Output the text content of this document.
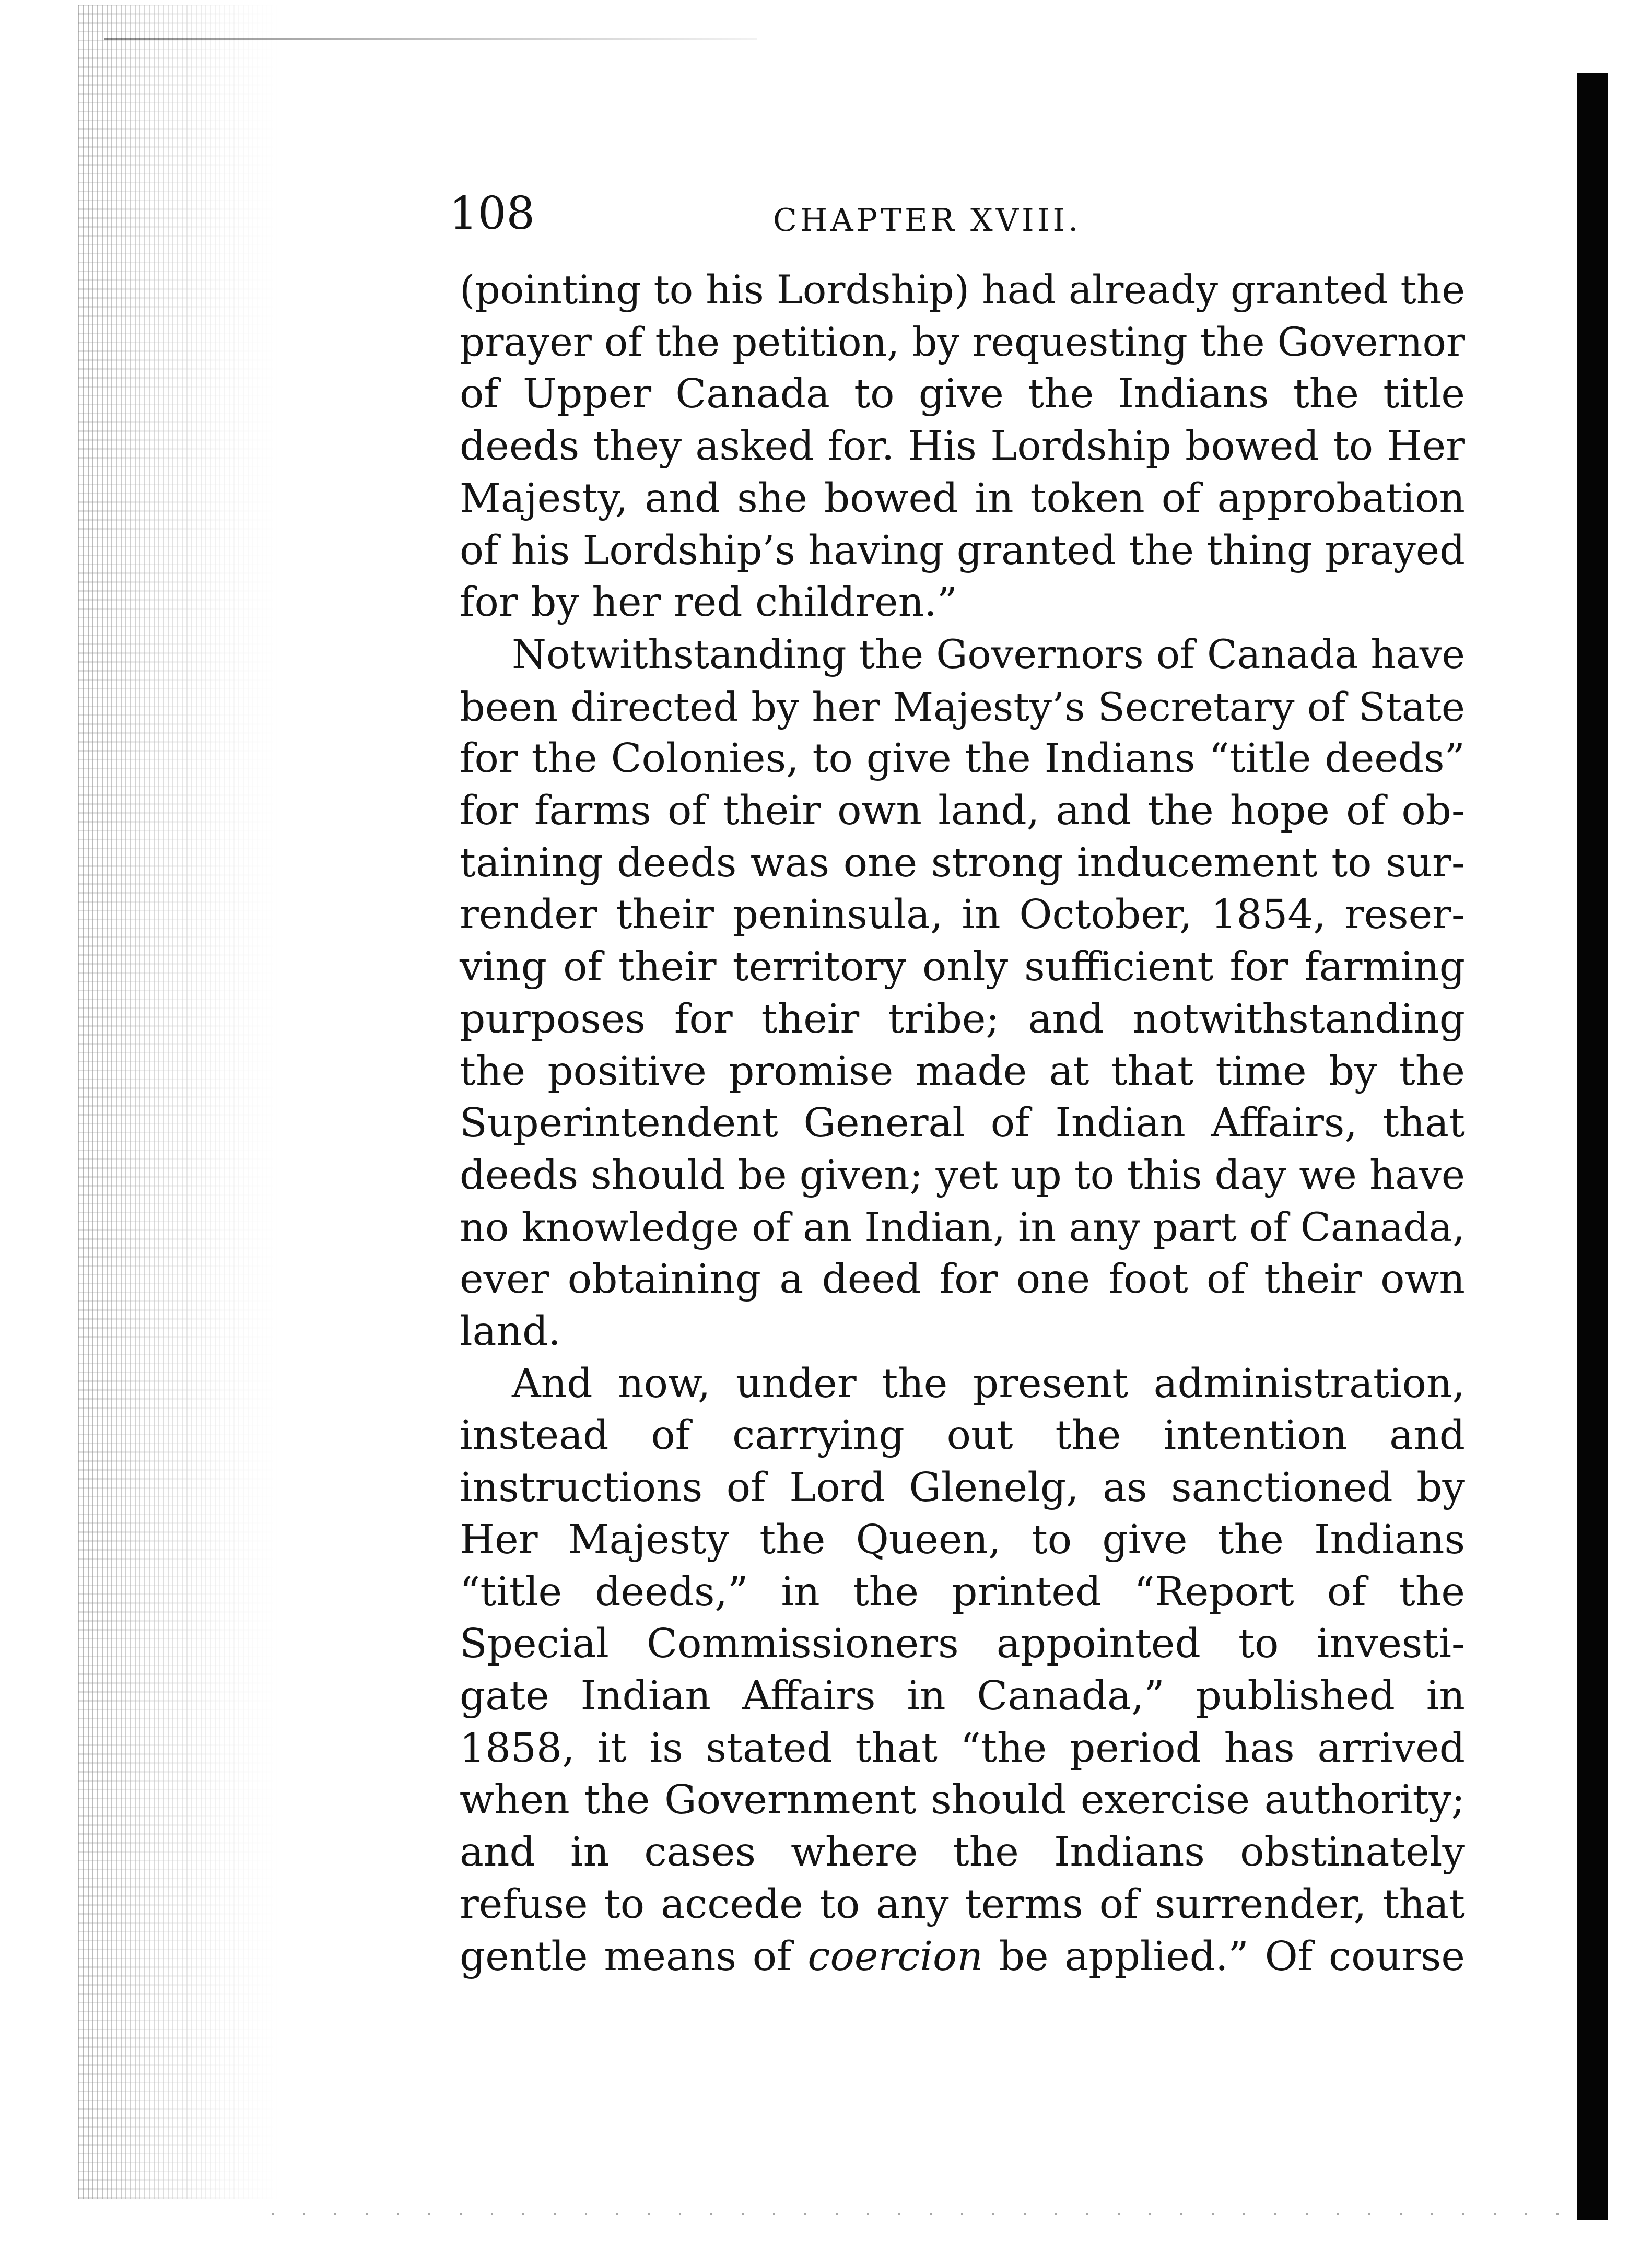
108	CHAPTER XVIII.

(pointing to his Lordship) had already granted the
prayer of the petition, by requesting the Governor
of Upper Canada to give the Indians the title
deeds they asked for. His Lordship bowed to Her
Majesty, and she bowed in token of approbation
of his Lordship’s having granted the thing prayed
for by her red children.”

Notwithstanding the Governors of Canada have
been directed by her Majesty’s Secretary of State
for the Colonies, to give the Indians “title deeds”
for farms of their own land, and the hope of ob-
taining deeds was one strong inducement to sur-
render their peninsula, in October, 1854, reser-
ving of their territory only sufficient for farming
purposes for their tribe; and notwithstanding
the positive promise made at that time by the
Superintendent General of Indian Affairs, that
deeds should be given; yet up to this day we have
no knowledge of an Indian, in any part of Canada,
ever obtaining a deed for one foot of their own
land.

And now, under the present administration,
instead of carrying out the intention and
instructions of Lord Glenelg, as sanctioned by
Her Majesty the Queen, to give the Indians
“title deeds,” in the printed “Report of the
Special Commissioners appointed to investi-
gate Indian Affairs in Canada,” published in
1858, it is stated that “the period has arrived
when the Government should exercise authority;
and in cases where the Indians obstinately
refuse to accede to any terms of surrender, that
gentle means of coercion be applied.” Of course
